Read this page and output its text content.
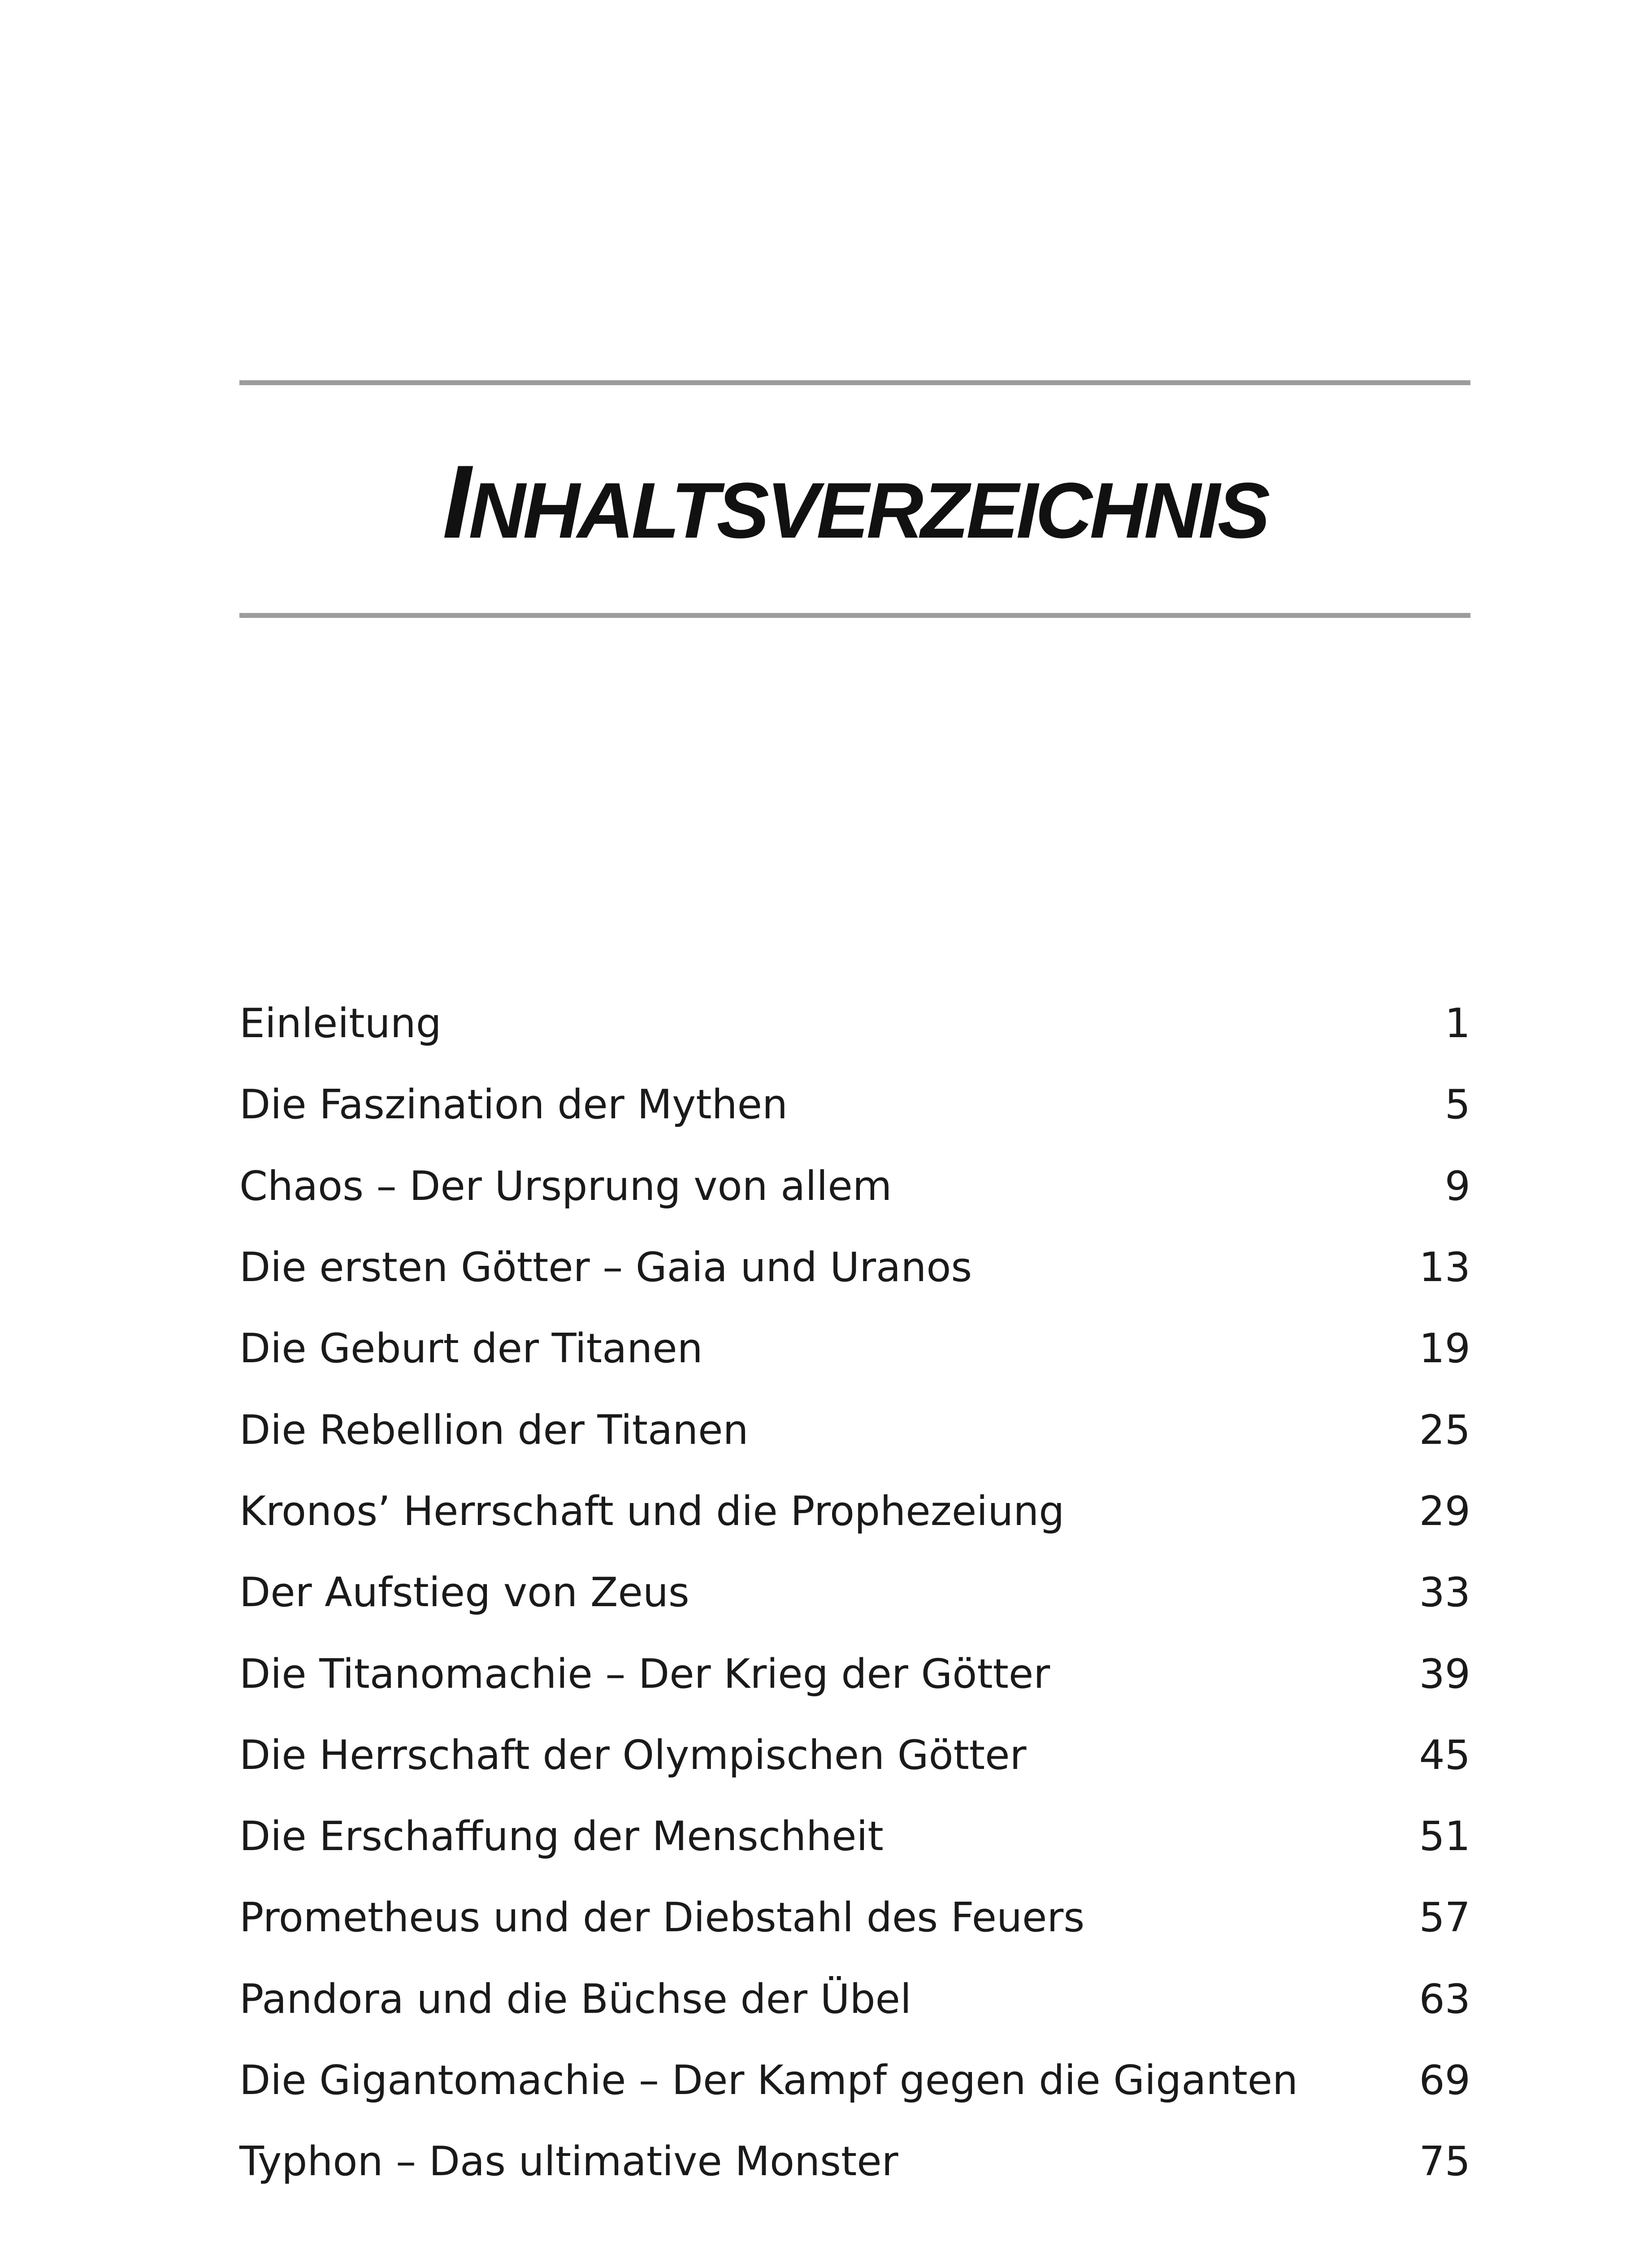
INHALTSVERZEICHNIS
Einleitung	1
Die Faszination der Mythen	5
Chaos – Der Ursprung von allem	9
Die ersten Götter – Gaia und Uranos	13
Die Geburt der Titanen	19
Die Rebellion der Titanen	25
Kronos’ Herrschaft und die Prophezeiung	29
Der Aufstieg von Zeus	33
Die Titanomachie – Der Krieg der Götter	39
Die Herrschaft der Olympischen Götter	45
Die Erschaffung der Menschheit	51
Prometheus und der Diebstahl des Feuers	57
Pandora und die Büchse der Übel	63
Die Gigantomachie – Der Kampf gegen die Giganten	69
Typhon – Das ultimative Monster	75
